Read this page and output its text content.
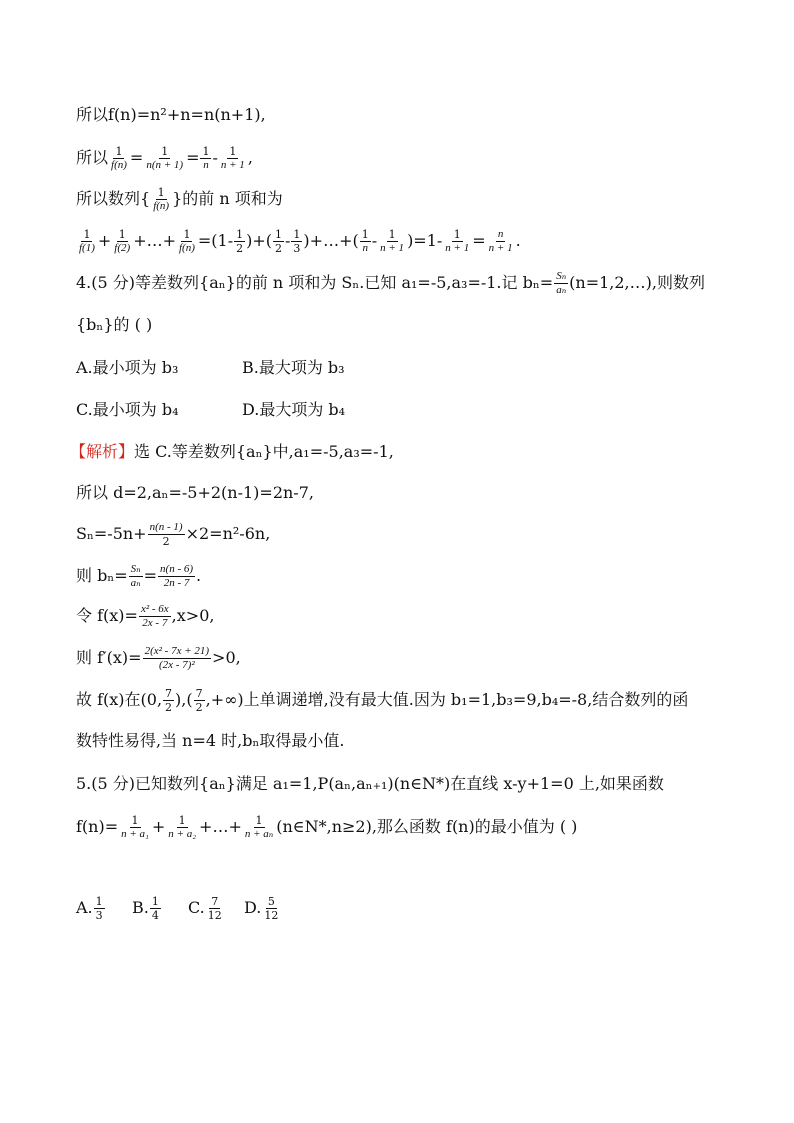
所以f(n)=n²+n=n(n+1),
所以 $\frac{1}{f(n)} = \frac{1}{n(n + 1)} = \frac{1}{n} - \frac{1}{n + 1}$ ,
所以数列{ $\frac{1}{f(n)}$ }的前 n 项和为
$\frac{1}{f(1)} + \frac{1}{f(2)}$ +…+ $\frac{1}{f(n)} =(1- \frac{1}{2}$ )+( $\frac{1}{2} - \frac{1}{3}$ )+…+( $\frac{1}{n} - \frac{1}{n + 1} )=1- \frac{1}{n + 1} = \frac{n}{n + 1}$ .
4.(5 分)等差数列{aₙ}的前 n 项和为 Sₙ.已知 a₁=-5,a₃=-1.记 $b_n= \frac{\text{Sₙ}}{\text{aₙ}}$ (n=1,2,…),则数列
{bₙ}的 ( )
A.最小项为 b₃	B.最大项为 b₃
C.最小项为 b₄	D.最大项为 b₄
【解析】选 C.等差数列{aₙ}中,a₁=-5,a₃=-1,
所以 d=2,aₙ=-5+2(n-1)=2n-7,
$S_n=-5n+ \frac{n(n - 1)}{2} \times 2=n^2-6n$,
则 $b_n= \frac{\text{Sₙ}}{\text{aₙ}} = \frac{n(n - 6)}{2n - 7}$ .
令 $f(x)= \frac{\text{x² - 6x}}{2x - 7} ,x>0$,
则 $f'(x)= \frac{\text{2(x² - 7x + 21)}}{\text{(2x - 7)²}} >0$,
故 f(x)在(0, $\frac{7}{2}$ ),( $\frac{7}{2}$ ,+∞)上单调递增,没有最大值.因为 b₁=1,b₃=9,b₄=-8,结合数列的函
数特性易得,当 n=4 时,bₙ取得最小值.
5.(5 分)已知数列{aₙ}满足 a₁=1,P(aₙ,aₙ₊₁)(n∈N*)在直线 x-y+1=0 上,如果函数
$f(n)= \frac{1}{\text{n + a₁}} + \frac{1}{\text{n + a₂}}$ +…+ $\frac{1}{\text{n + aₙ}}$ (n∈N*,n≥2),那么函数 f(n)的最小值为 ( )
A. $\frac{1}{3} B$. $\frac{1}{4} C$. $\frac{7}{12} D$. $\frac{5}{12}$
